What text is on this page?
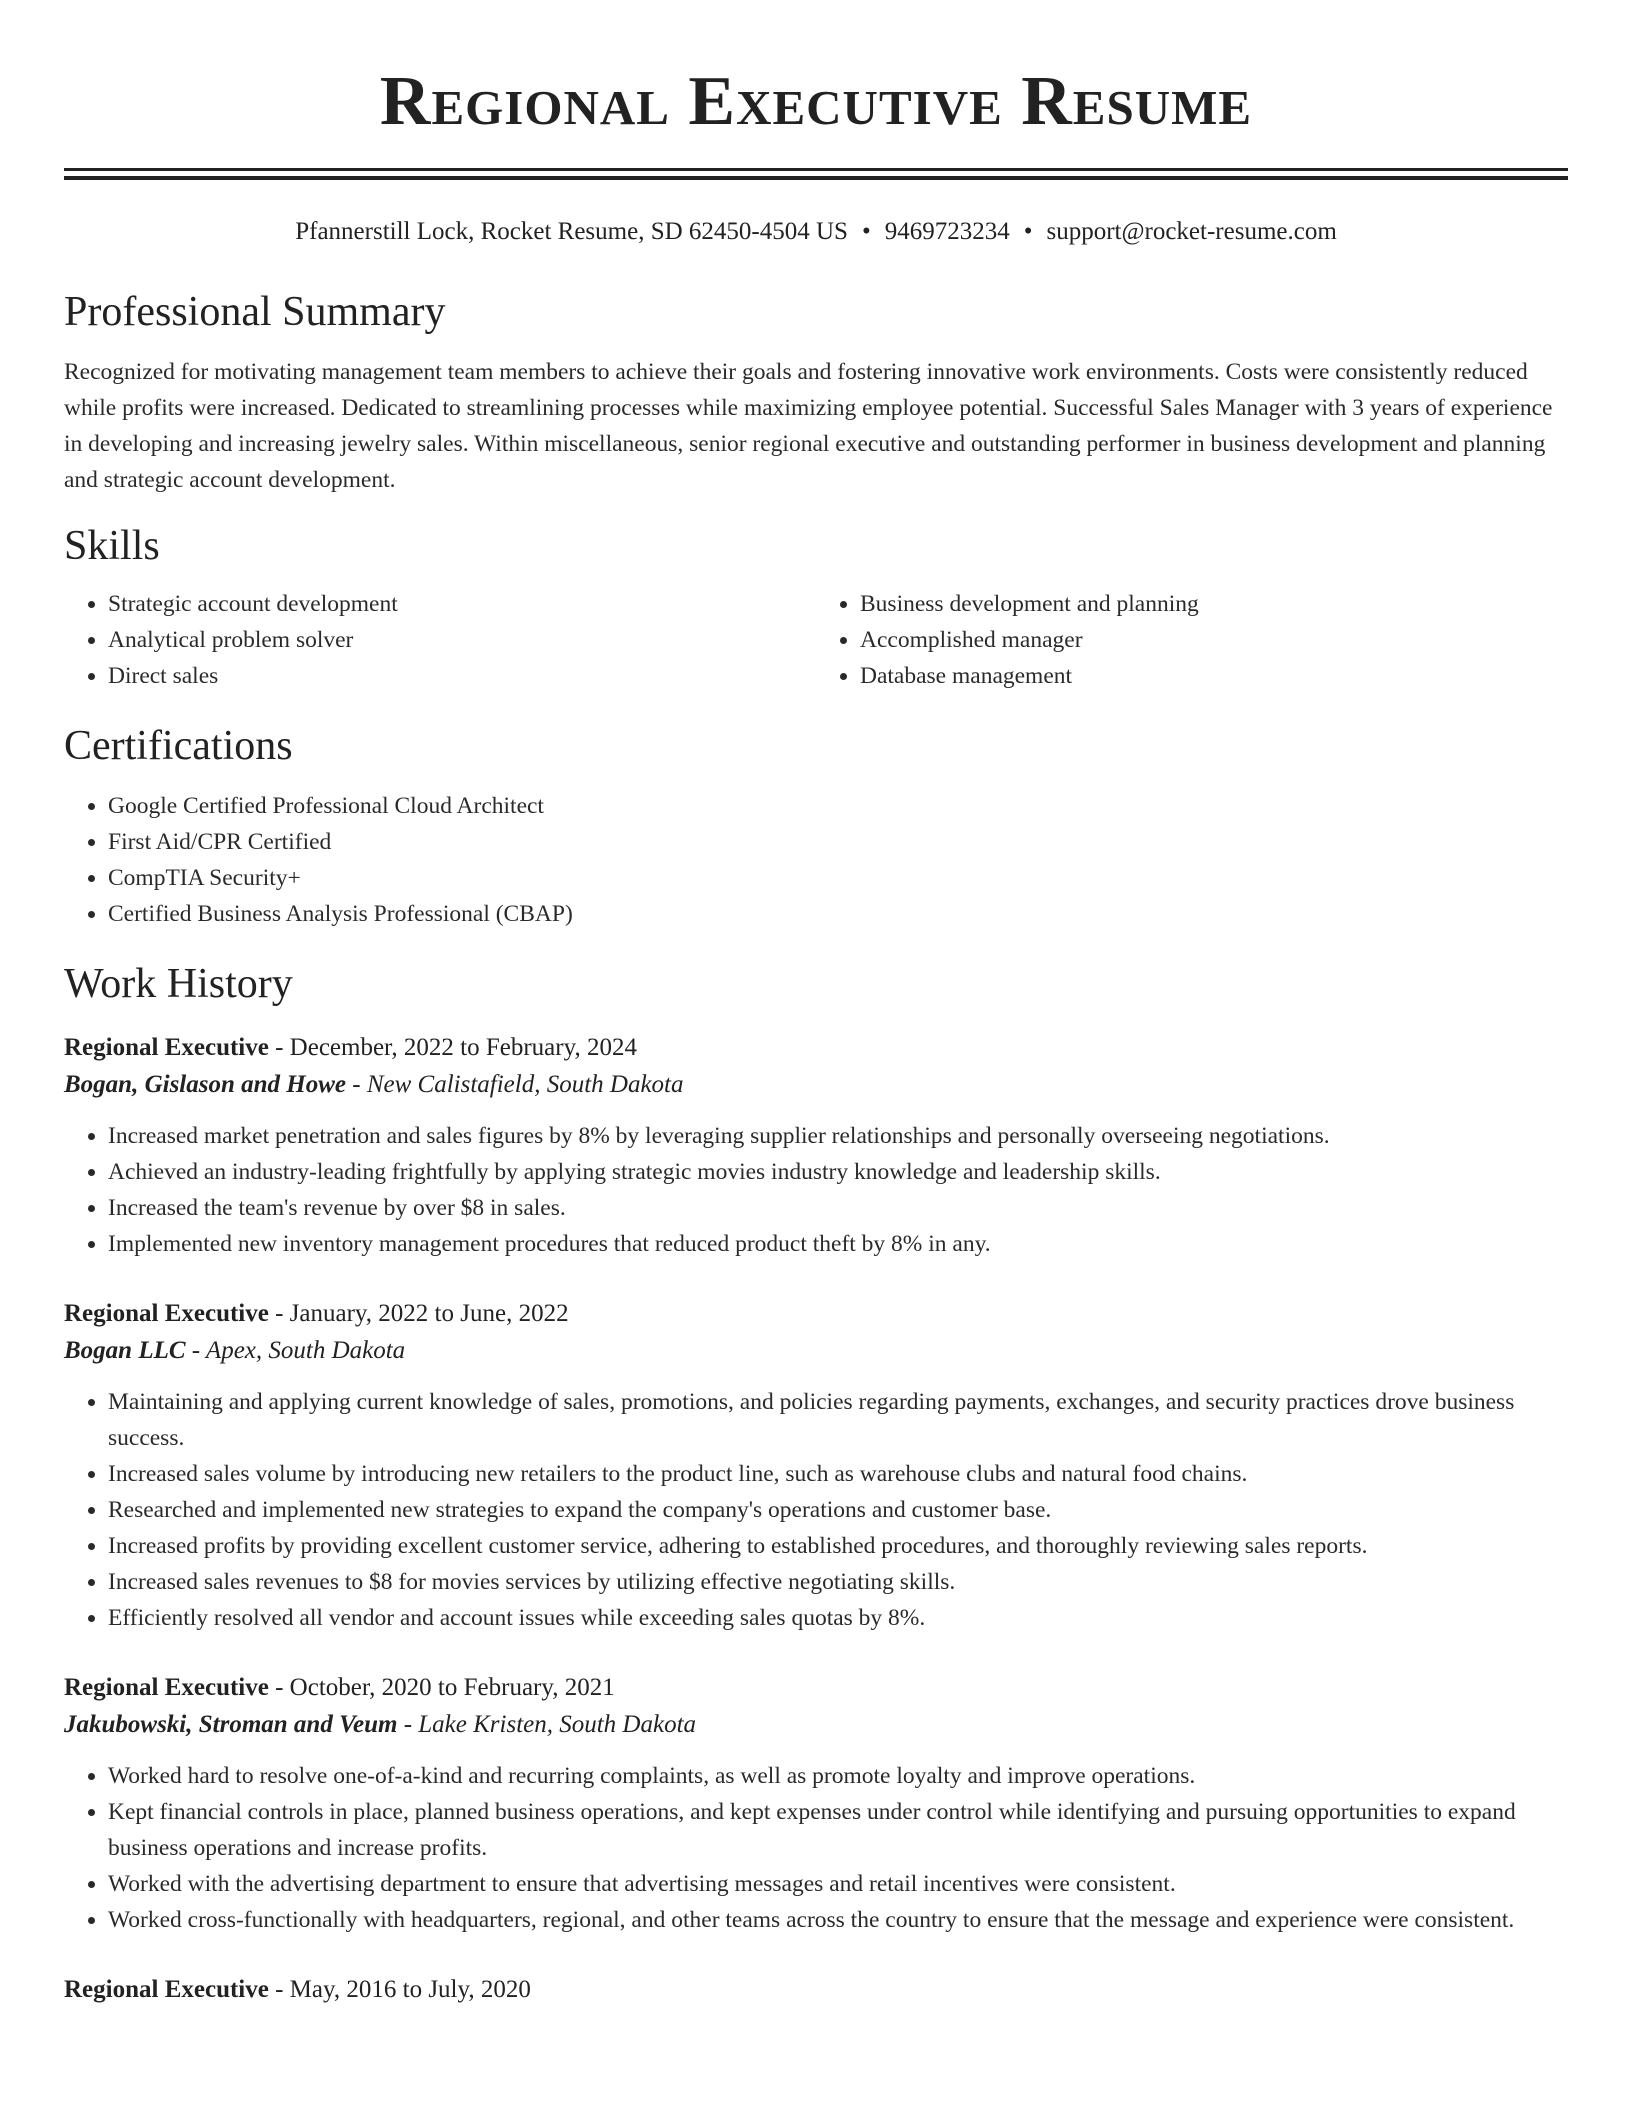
Regional Executive Resume
Pfannerstill Lock, Rocket Resume, SD 62450-4504 US • 9469723234 • support@rocket-resume.com
Professional Summary

Recognized for motivating management team members to achieve their goals and fostering innovative work environments. Costs were consistently reduced while profits were increased. Dedicated to streamlining processes while maximizing employee potential. Successful Sales Manager with 3 years of experience in developing and increasing jewelry sales. Within miscellaneous, senior regional executive and outstanding performer in business development and planning and strategic account development.

Skills
• Strategic account development
• Analytical problem solver
• Direct sales
• Business development and planning
• Accomplished manager
• Database management
Certifications
• Google Certified Professional Cloud Architect
• First Aid/CPR Certified
• CompTIA Security+
• Certified Business Analysis Professional (CBAP)
Work History
Regional Executive - December, 2022 to February, 2024
Bogan, Gislason and Howe - New Calistafield, South Dakota
• Increased market penetration and sales figures by 8% by leveraging supplier relationships and personally overseeing negotiations.
• Achieved an industry-leading frightfully by applying strategic movies industry knowledge and leadership skills.
• Increased the team's revenue by over $8 in sales.
• Implemented new inventory management procedures that reduced product theft by 8% in any.
Regional Executive - January, 2022 to June, 2022
Bogan LLC - Apex, South Dakota
• Maintaining and applying current knowledge of sales, promotions, and policies regarding payments, exchanges, and security practices drove business success.
• Increased sales volume by introducing new retailers to the product line, such as warehouse clubs and natural food chains.
• Researched and implemented new strategies to expand the company's operations and customer base.
• Increased profits by providing excellent customer service, adhering to established procedures, and thoroughly reviewing sales reports.
• Increased sales revenues to $8 for movies services by utilizing effective negotiating skills.
• Efficiently resolved all vendor and account issues while exceeding sales quotas by 8%.
Regional Executive - October, 2020 to February, 2021
Jakubowski, Stroman and Veum - Lake Kristen, South Dakota
• Worked hard to resolve one-of-a-kind and recurring complaints, as well as promote loyalty and improve operations.
• Kept financial controls in place, planned business operations, and kept expenses under control while identifying and pursuing opportunities to expand business operations and increase profits.
• Worked with the advertising department to ensure that advertising messages and retail incentives were consistent.
• Worked cross-functionally with headquarters, regional, and other teams across the country to ensure that the message and experience were consistent.
Regional Executive - May, 2016 to July, 2020
